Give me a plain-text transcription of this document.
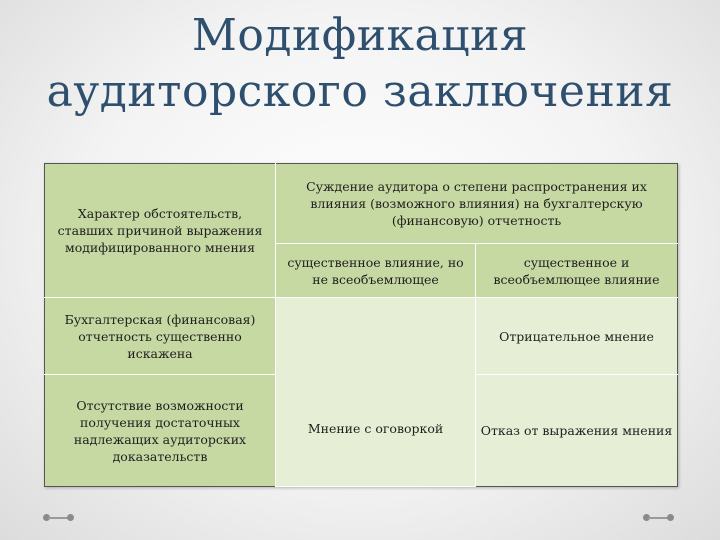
Модификация
аудиторского заключения
Характер обстоятельств, ставших причиной выражения модифицированного мнения	Суждение аудитора о степени распространения их влияния (возможного влияния) на бухгалтерскую (финансовую) отчетность	
	существенное влияние, но не всеобъемлющее	существенное и всеобъемлющее влияние
Бухгалтерская (финансовая) отчетность существенно искажена	Мнение с оговоркой	Отрицательное мнение
Отсутствие возможности получения достаточных надлежащих аудиторских доказательств		Отказ от выражения мнения
